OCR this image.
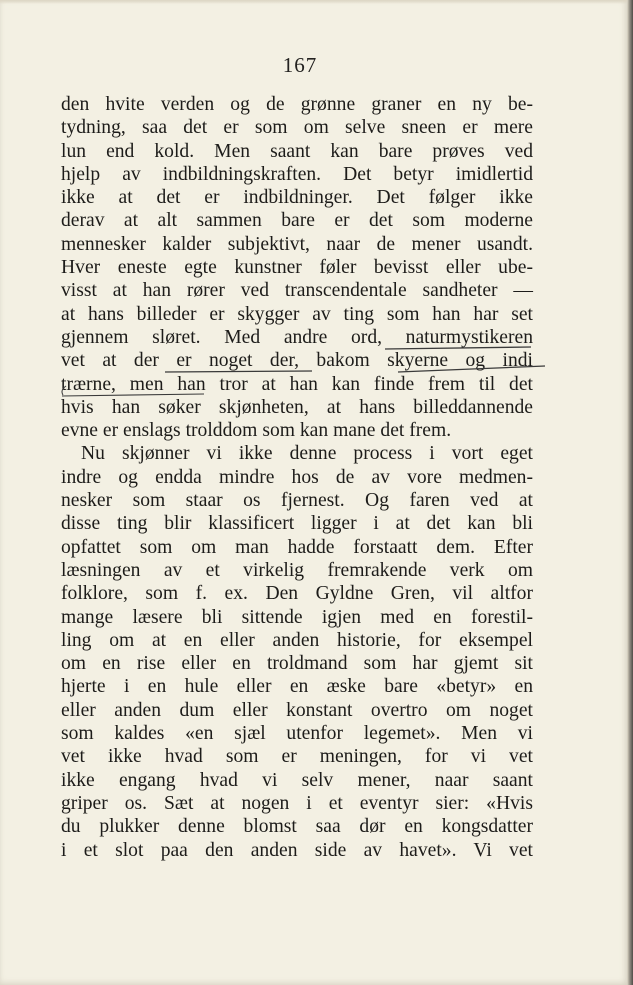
167
den hvite verden og de grønne graner en ny be-
tydning, saa det er som om selve sneen er mere
lun end kold. Men saant kan bare prøves ved
hjelp av indbildningskraften. Det betyr imidlertid
ikke at det er indbildninger. Det følger ikke
derav at alt sammen bare er det som moderne
mennesker kalder subjektivt, naar de mener usandt.
Hver eneste egte kunstner føler bevisst eller ube-
visst at han rører ved transcendentale sandheter —
at hans billeder er skygger av ting som han har set
gjennem sløret. Med andre ord, naturmystikeren
vet at der er noget der, bakom skyerne og indi
trærne, men han tror at han kan finde frem til det
hvis han søker skjønheten, at hans billeddannende
evne er enslags trolddom som kan mane det frem.
Nu skjønner vi ikke denne process i vort eget
indre og endda mindre hos de av vore medmen-
nesker som staar os fjernest. Og faren ved at
disse ting blir klassificert ligger i at det kan bli
opfattet som om man hadde forstaatt dem. Efter
læsningen av et virkelig fremrakende verk om
folklore, som f. ex. Den Gyldne Gren, vil altfor
mange læsere bli sittende igjen med en forestil-
ling om at en eller anden historie, for eksempel
om en rise eller en troldmand som har gjemt sit
hjerte i en hule eller en æske bare «betyr» en
eller anden dum eller konstant overtro om noget
som kaldes «en sjæl utenfor legemet». Men vi
vet ikke hvad som er meningen, for vi vet
ikke engang hvad vi selv mener, naar saant
griper os. Sæt at nogen i et eventyr sier: «Hvis
du plukker denne blomst saa dør en kongsdatter
i et slot paa den anden side av havet». Vi vet
